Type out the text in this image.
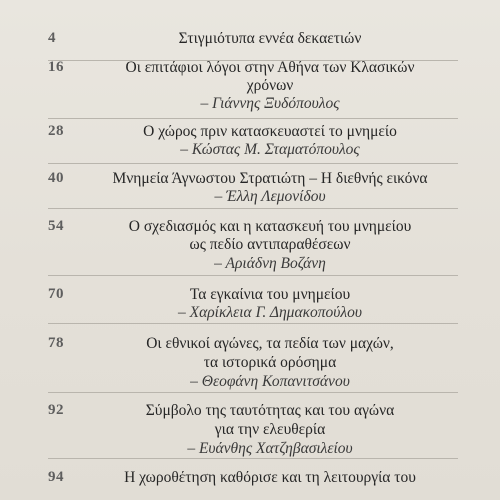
4	Στιγμιότυπα εννέα δεκαετιών
16	Οι επιτάφιοι λόγοι στην Αθήνα των Κλασικών
χρόνων
– Γιάννης Ξυδόπουλος
28	Ο χώρος πριν κατασκευαστεί το μνημείο
– Κώστας Μ. Σταματόπουλος
40	Μνημεία Άγνωστου Στρατιώτη – Η διεθνής εικόνα
– Έλλη Λεμονίδου
54	Ο σχεδιασμός και η κατασκευή του μνημείου
ως πεδίο αντιπαραθέσεων
– Αριάδνη Βοζάνη
70	Τα εγκαίνια του μνημείου
– Χαρίκλεια Γ. Δημακοπούλου
78	Οι εθνικοί αγώνες, τα πεδία των μαχών,
τα ιστορικά ορόσημα
– Θεοφάνη Κοπανιτσάνου
92	Σύμβολο της ταυτότητας και του αγώνα
για την ελευθερία
– Ευάνθης Χατζηβασιλείου
94	Η χωροθέτηση καθόρισε και τη λειτουργία του
